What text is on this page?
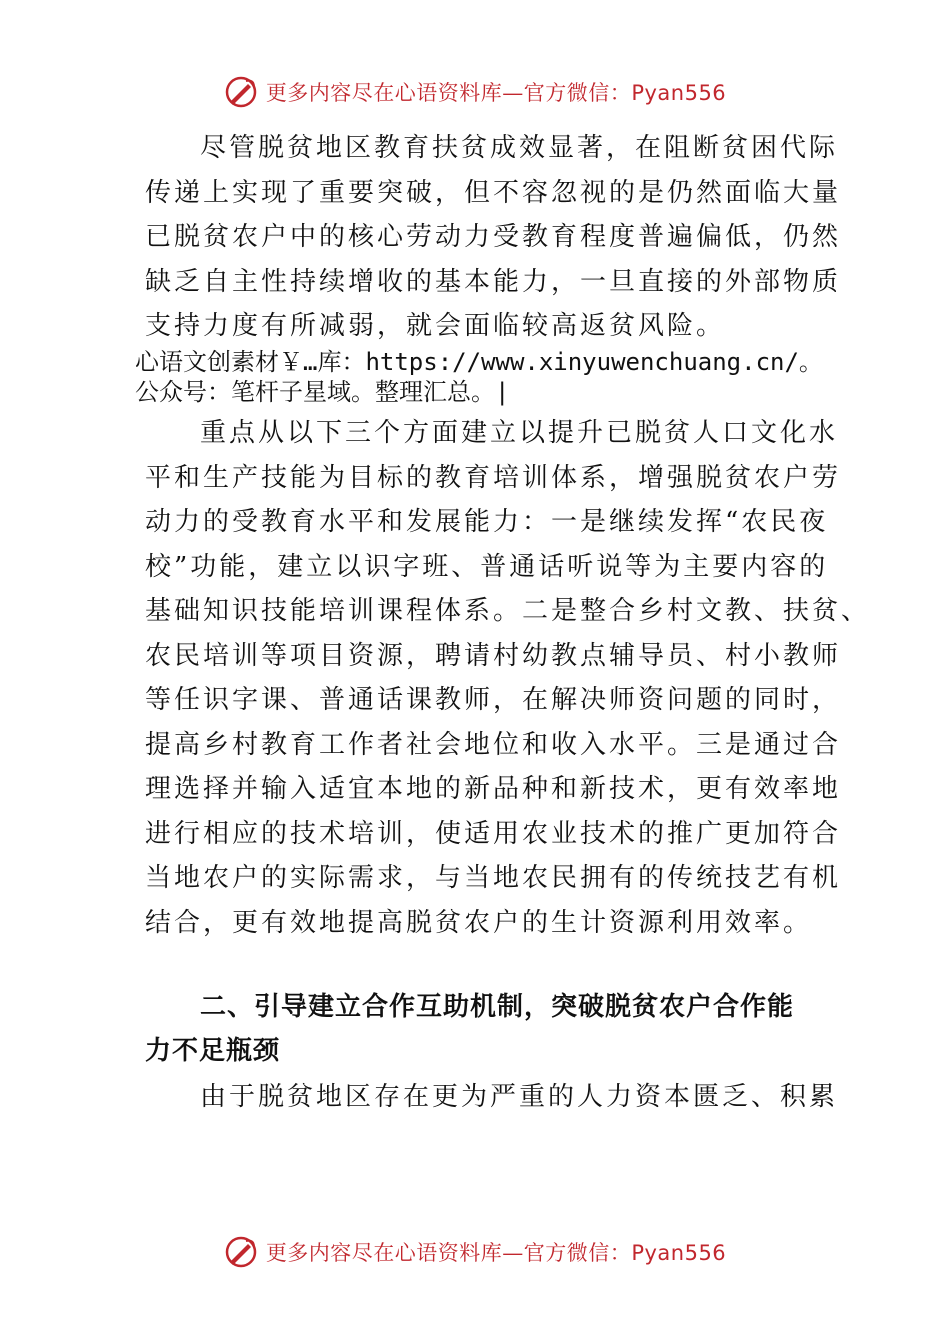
更多内容尽在心语资料库—官方微信：Pyan556

尽管脱贫地区教育扶贫成效显著，在阻断贫困代际
传递上实现了重要突破，但不容忽视的是仍然面临大量
已脱贫农户中的核心劳动力受教育程度普遍偏低，仍然
缺乏自主性持续增收的基本能力，一旦直接的外部物质
支持力度有所减弱，就会面临较高返贫风险。

心语文创素材￥…库：https://www.xinyuwenchuang.cn/。
公众号：笔杆子星域。整理汇总。|

重点从以下三个方面建立以提升已脱贫人口文化水
平和生产技能为目标的教育培训体系，增强脱贫农户劳
动力的受教育水平和发展能力：一是继续发挥“农民夜
校”功能，建立以识字班、普通话听说等为主要内容的
基础知识技能培训课程体系。二是整合乡村文教、扶贫、
农民培训等项目资源，聘请村幼教点辅导员、村小教师
等任识字课、普通话课教师，在解决师资问题的同时，
提高乡村教育工作者社会地位和收入水平。三是通过合
理选择并输入适宜本地的新品种和新技术，更有效率地
进行相应的技术培训，使适用农业技术的推广更加符合
当地农户的实际需求，与当地农民拥有的传统技艺有机
结合，更有效地提高脱贫农户的生计资源利用效率。

二、引导建立合作互助机制，突破脱贫农户合作能
力不足瓶颈

由于脱贫地区存在更为严重的人力资本匮乏、积累

更多内容尽在心语资料库—官方微信：Pyan556
